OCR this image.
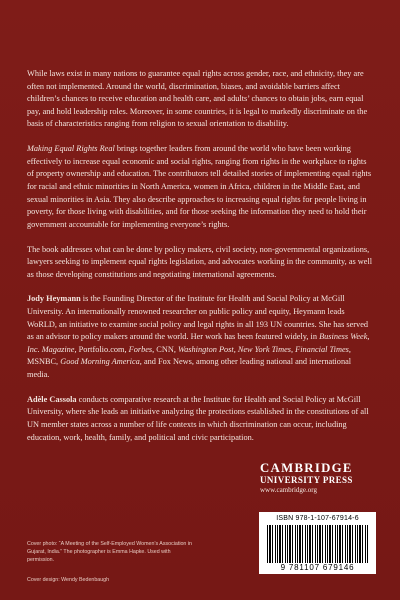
While laws exist in many nations to guarantee equal rights across gender, race, and ethnicity, they are often not implemented. Around the world, discrimination, biases, and avoidable barriers affect children’s chances to receive education and health care, and adults’ chances to obtain jobs, earn equal pay, and hold leadership roles. Moreover, in some countries, it is legal to markedly discriminate on the basis of characteristics ranging from religion to sexual orientation to disability.

Making Equal Rights Real brings together leaders from around the world who have been working effectively to increase equal economic and social rights, ranging from rights in the workplace to rights of property ownership and education. The contributors tell detailed stories of implementing equal rights for racial and ethnic minorities in North America, women in Africa, children in the Middle East, and sexual minorities in Asia. They also describe approaches to increasing equal rights for people living in poverty, for those living with disabilities, and for those seeking the information they need to hold their government accountable for implementing everyone’s rights.

The book addresses what can be done by policy makers, civil society, non-governmental organizations, lawyers seeking to implement equal rights legislation, and advocates working in the community, as well as those developing constitutions and negotiating international agreements.

Jody Heymann is the Founding Director of the Institute for Health and Social Policy at McGill University. An internationally renowned researcher on public policy and equity, Heymann leads WoRLD, an initiative to examine social policy and legal rights in all 193 UN countries. She has served as an advisor to policy makers around the world. Her work has been featured widely, in Business Week, Inc. Magazine, Portfolio.com, Forbes, CNN, Washington Post, New York Times, Financial Times, MSNBC, Good Morning America, and Fox News, among other leading national and international media.

Adèle Cassola conducts comparative research at the Institute for Health and Social Policy at McGill University, where she leads an initiative analyzing the protections established in the constitutions of all UN member states across a number of life contexts in which discrimination can occur, including education, work, health, family, and political and civic participation.

CAMBRIDGE
UNIVERSITY PRESS
www.cambridge.org
ISBN 978-1-107-67914-6
9 781107 679146
Cover photo: “A Meeting of the Self-Employed Women’s Association in Gujarat, India.” The photographer is Emma Hapke. Used with permission.
Cover design: Wendy Bedenbaugh
